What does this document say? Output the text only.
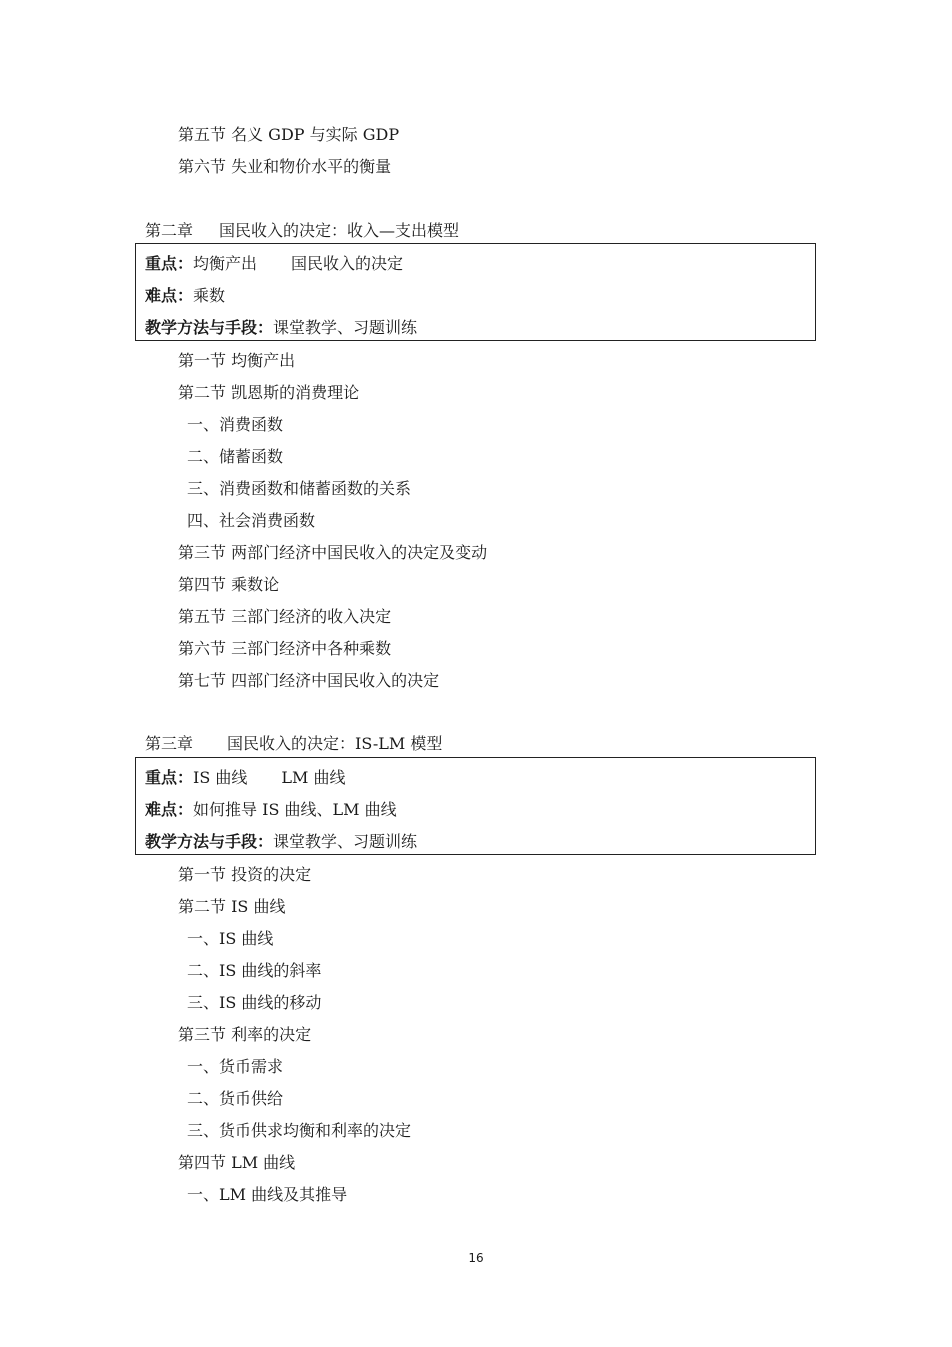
第五节 名义 GDP 与实际 GDP
第六节 失业和物价水平的衡量
第二章 国民收入的决定：收入—支出模型
重点：均衡产出 国民收入的决定
难点：乘数
教学方法与手段：课堂教学、习题训练
第一节 均衡产出
第二节 凯恩斯的消费理论
一、消费函数
二、储蓄函数
三、消费函数和储蓄函数的关系
四、社会消费函数
第三节 两部门经济中国民收入的决定及变动
第四节 乘数论
第五节 三部门经济的收入决定
第六节 三部门经济中各种乘数
第七节 四部门经济中国民收入的决定
第三章 国民收入的决定：IS-LM 模型
重点：IS 曲线 LM 曲线
难点：如何推导 IS 曲线、LM 曲线
教学方法与手段：课堂教学、习题训练
第一节 投资的决定
第二节 IS 曲线
一、IS 曲线
二、IS 曲线的斜率
三、IS 曲线的移动
第三节 利率的决定
一、货币需求
二、货币供给
三、货币供求均衡和利率的决定
第四节 LM 曲线
一、LM 曲线及其推导
16
